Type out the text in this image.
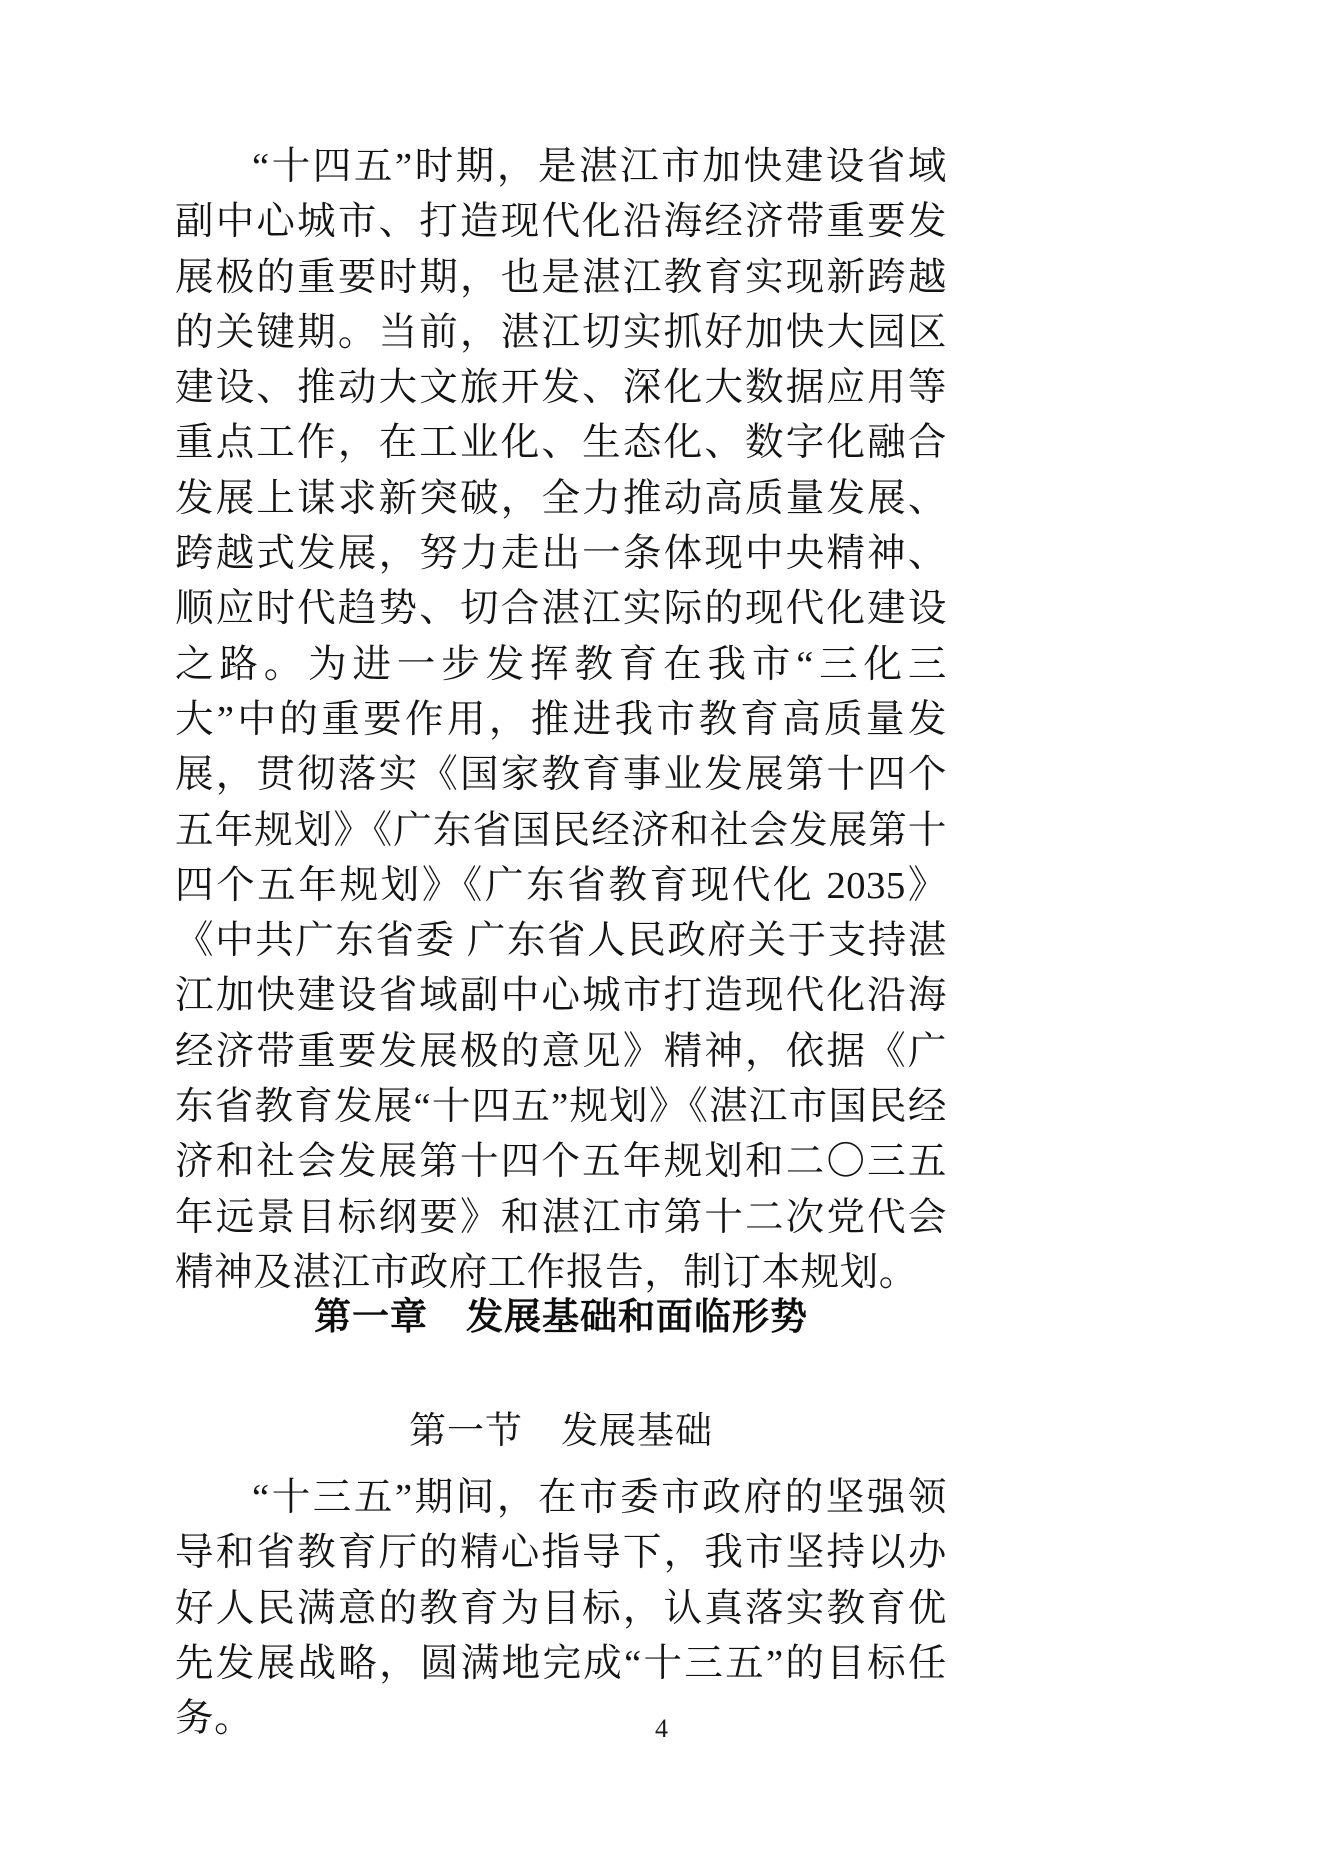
“十四五”时期，是湛江市加快建设省域副中心城市、打造现代化沿海经济带重要发展极的重要时期，也是湛江教育实现新跨越的关键期。当前，湛江切实抓好加快大园区建设、推动大文旅开发、深化大数据应用等重点工作，在工业化、生态化、数字化融合发展上谋求新突破，全力推动高质量发展、跨越式发展，努力走出一条体现中央精神、顺应时代趋势、切合湛江实际的现代化建设之路。为进一步发挥教育在我市“三化三大”中的重要作用，推进我市教育高质量发展，贯彻落实《国家教育事业发展第十四个五年规划》《广东省国民经济和社会发展第十四个五年规划》《广东省教育现代化 2035》《中共广东省委 广东省人民政府关于支持湛江加快建设省域副中心城市打造现代化沿海经济带重要发展极的意见》精神，依据《广东省教育发展“十四五”规划》《湛江市国民经济和社会发展第十四个五年规划和二〇三五年远景目标纲要》和湛江市第十二次党代会精神及湛江市政府工作报告，制订本规划。

第一章　发展基础和面临形势
第一节　发展基础

“十三五”期间，在市委市政府的坚强领导和省教育厅的精心指导下，我市坚持以办好人民满意的教育为目标，认真落实教育优先发展战略，圆满地完成“十三五”的目标任务。	4
